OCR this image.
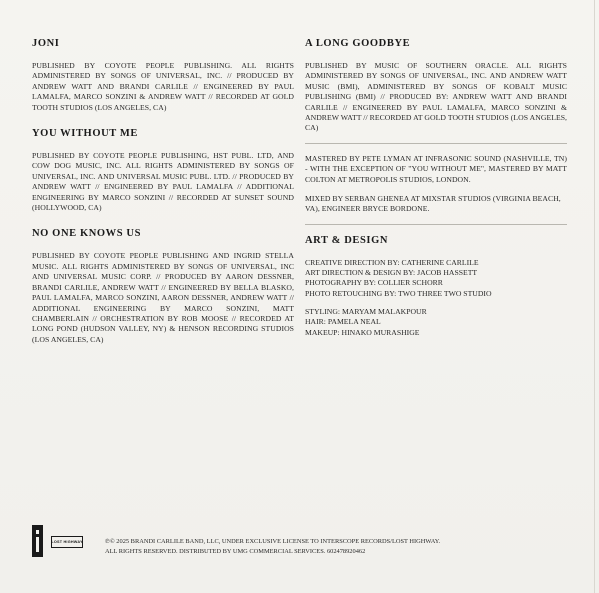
JONI
PUBLISHED BY COYOTE PEOPLE PUBLISHING. ALL RIGHTS ADMINISTERED BY SONGS OF UNIVERSAL, INC. // PRODUCED BY ANDREW WATT AND BRANDI CARLILE // ENGINEERED BY PAUL LAMALFA, MARCO SONZINI & ANDREW WATT // RECORDED AT GOLD TOOTH STUDIOS (LOS ANGELES, CA)
YOU WITHOUT ME
PUBLISHED BY COYOTE PEOPLE PUBLISHING, HST PUBL. LTD, AND COW DOG MUSIC, INC. ALL RIGHTS ADMINISTERED BY SONGS OF UNIVERSAL, INC. AND UNIVERSAL MUSIC PUBL. LTD. // PRODUCED BY ANDREW WATT // ENGINEERED BY PAUL LAMALFA // ADDITIONAL ENGINEERING BY MARCO SONZINI // RECORDED AT SUNSET SOUND (HOLLYWOOD, CA)
NO ONE KNOWS US
PUBLISHED BY COYOTE PEOPLE PUBLISHING AND INGRID STELLA MUSIC. ALL RIGHTS ADMINISTERED BY SONGS OF UNIVERSAL, INC AND UNIVERSAL MUSIC CORP. // PRODUCED BY AARON DESSNER, BRANDI CARLILE, ANDREW WATT // ENGINEERED BY BELLA BLASKO, PAUL LAMALFA, MARCO SONZINI, AARON DESSNER, ANDREW WATT // ADDITIONAL ENGINEERING BY MARCO SONZINI, MATT CHAMBERLAIN // ORCHESTRATION BY ROB MOOSE // RECORDED AT LONG POND (HUDSON VALLEY, NY) & HENSON RECORDING STUDIOS (LOS ANGELES, CA)
A LONG GOODBYE
PUBLISHED BY MUSIC OF SOUTHERN ORACLE. ALL RIGHTS ADMINISTERED BY SONGS OF UNIVERSAL, INC. AND ANDREW WATT MUSIC (BMI), ADMINISTERED BY SONGS OF KOBALT MUSIC PUBLISHING (BMI) // PRODUCED BY: ANDREW WATT AND BRANDI CARLILE // ENGINEERED BY PAUL LAMALFA, MARCO SONZINI & ANDREW WATT // RECORDED AT GOLD TOOTH STUDIOS (LOS ANGELES, CA)
MASTERED BY PETE LYMAN AT INFRASONIC SOUND (NASHVILLE, TN) - WITH THE EXCEPTION OF "YOU WITHOUT ME", MASTERED BY MATT COLTON AT METROPOLIS STUDIOS, LONDON.
MIXED BY SERBAN GHENEA AT MIXSTAR STUDIOS (VIRGINIA BEACH, VA), ENGINEER BRYCE BORDONE.
ART & DESIGN
CREATIVE DIRECTION BY: CATHERINE CARLILE
ART DIRECTION & DESIGN BY: JACOB HASSETT
PHOTOGRAPHY BY: COLLIER SCHORR
PHOTO RETOUCHING BY: TWO THREE TWO STUDIO
STYLING: MARYAM MALAKPOUR
HAIR: PAMELA NEAL
MAKEUP: HINAKO MURASHIGE
LOST HIGHWAY	℗© 2025 BRANDI CARLILE BAND, LLC, UNDER EXCLUSIVE LICENSE TO INTERSCOPE RECORDS/LOST HIGHWAY.
ALL RIGHTS RESERVED. DISTRIBUTED BY UMG COMMERCIAL SERVICES. 602478920462
